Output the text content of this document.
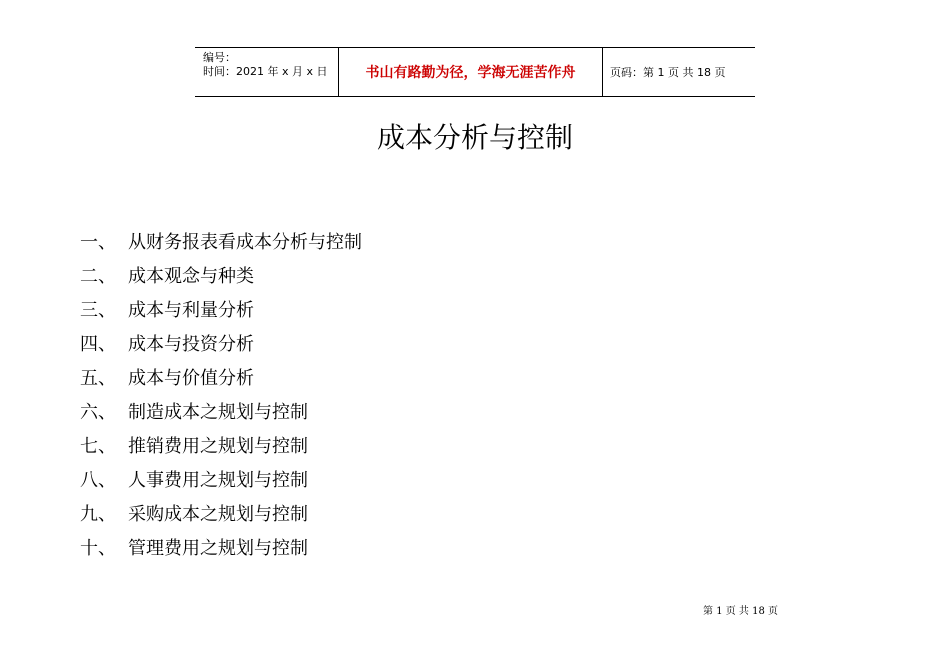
编号：
时间：2021 年 x 月 x 日	书山有路勤为径，学海无涯苦作舟	页码：第 1 页 共 18 页
成本分析与控制
一、 从财务报表看成本分析与控制
二、 成本观念与种类
三、 成本与利量分析
四、 成本与投资分析
五、 成本与价值分析
六、 制造成本之规划与控制
七、 推销费用之规划与控制
八、 人事费用之规划与控制
九、 采购成本之规划与控制
十、 管理费用之规划与控制
第 1 页 共 18 页
